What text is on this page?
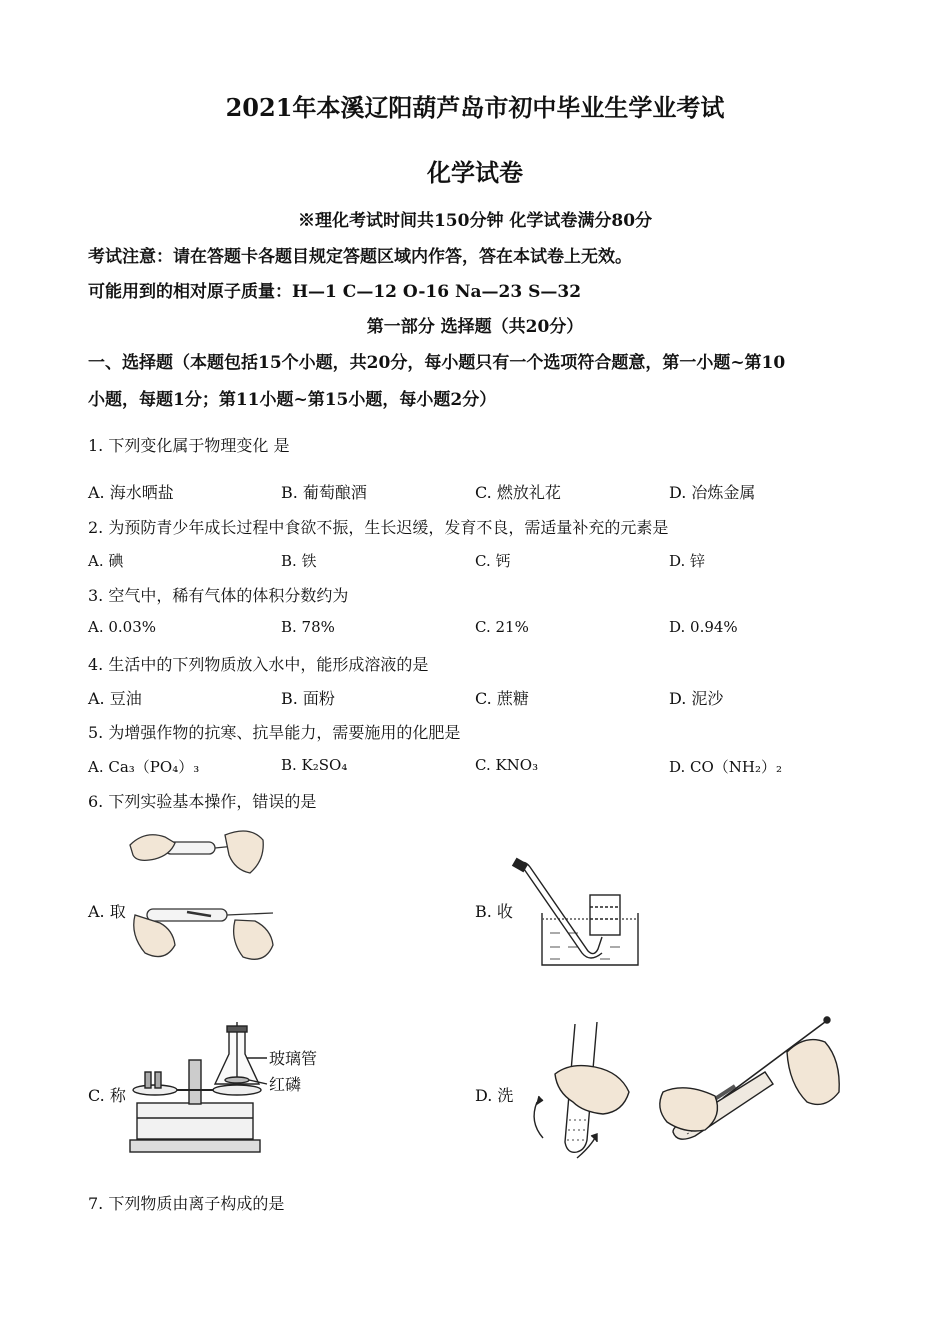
2021年本溪辽阳葫芦岛市初中毕业生学业考试
化学试卷
※理化考试时间共150分钟 化学试卷满分80分
考试注意：请在答题卡各题目规定答题区域内作答，答在本试卷上无效。
可能用到的相对原子质量：H—1 C—12 O-16 Na—23 S—32
第一部分 选择题（共20分）
一、选择题（本题包括15个小题，共20分，每小题只有一个选项符合题意，第一小题~第10
小题，每题1分；第11小题~第15小题，每小题2分）
1. 下列变化属于物理变化 是
A. 海水晒盐	B. 葡萄酿酒	C. 燃放礼花	D. 冶炼金属
2. 为预防青少年成长过程中食欲不振，生长迟缓，发育不良，需适量补充的元素是
A. 碘	B. 铁	C. 钙	D. 锌
3. 空气中，稀有气体的体积分数约为
A. 0.03%	B. 78%	C. 21%	D. 0.94%
4. 生活中的下列物质放入水中，能形成溶液的是
A. 豆油	B. 面粉	C. 蔗糖	D. 泥沙
5. 为增强作物的抗寒、抗旱能力，需要施用的化肥是
A. Ca₃（PO₄）₃	B. K₂SO₄	C. KNO₃	D. CO（NH₂）₂
6. 下列实验基本操作，错误的是
A. 取	B. 收
C. 称	D. 洗
玻璃管
红磷
7. 下列物质由离子构成的是
